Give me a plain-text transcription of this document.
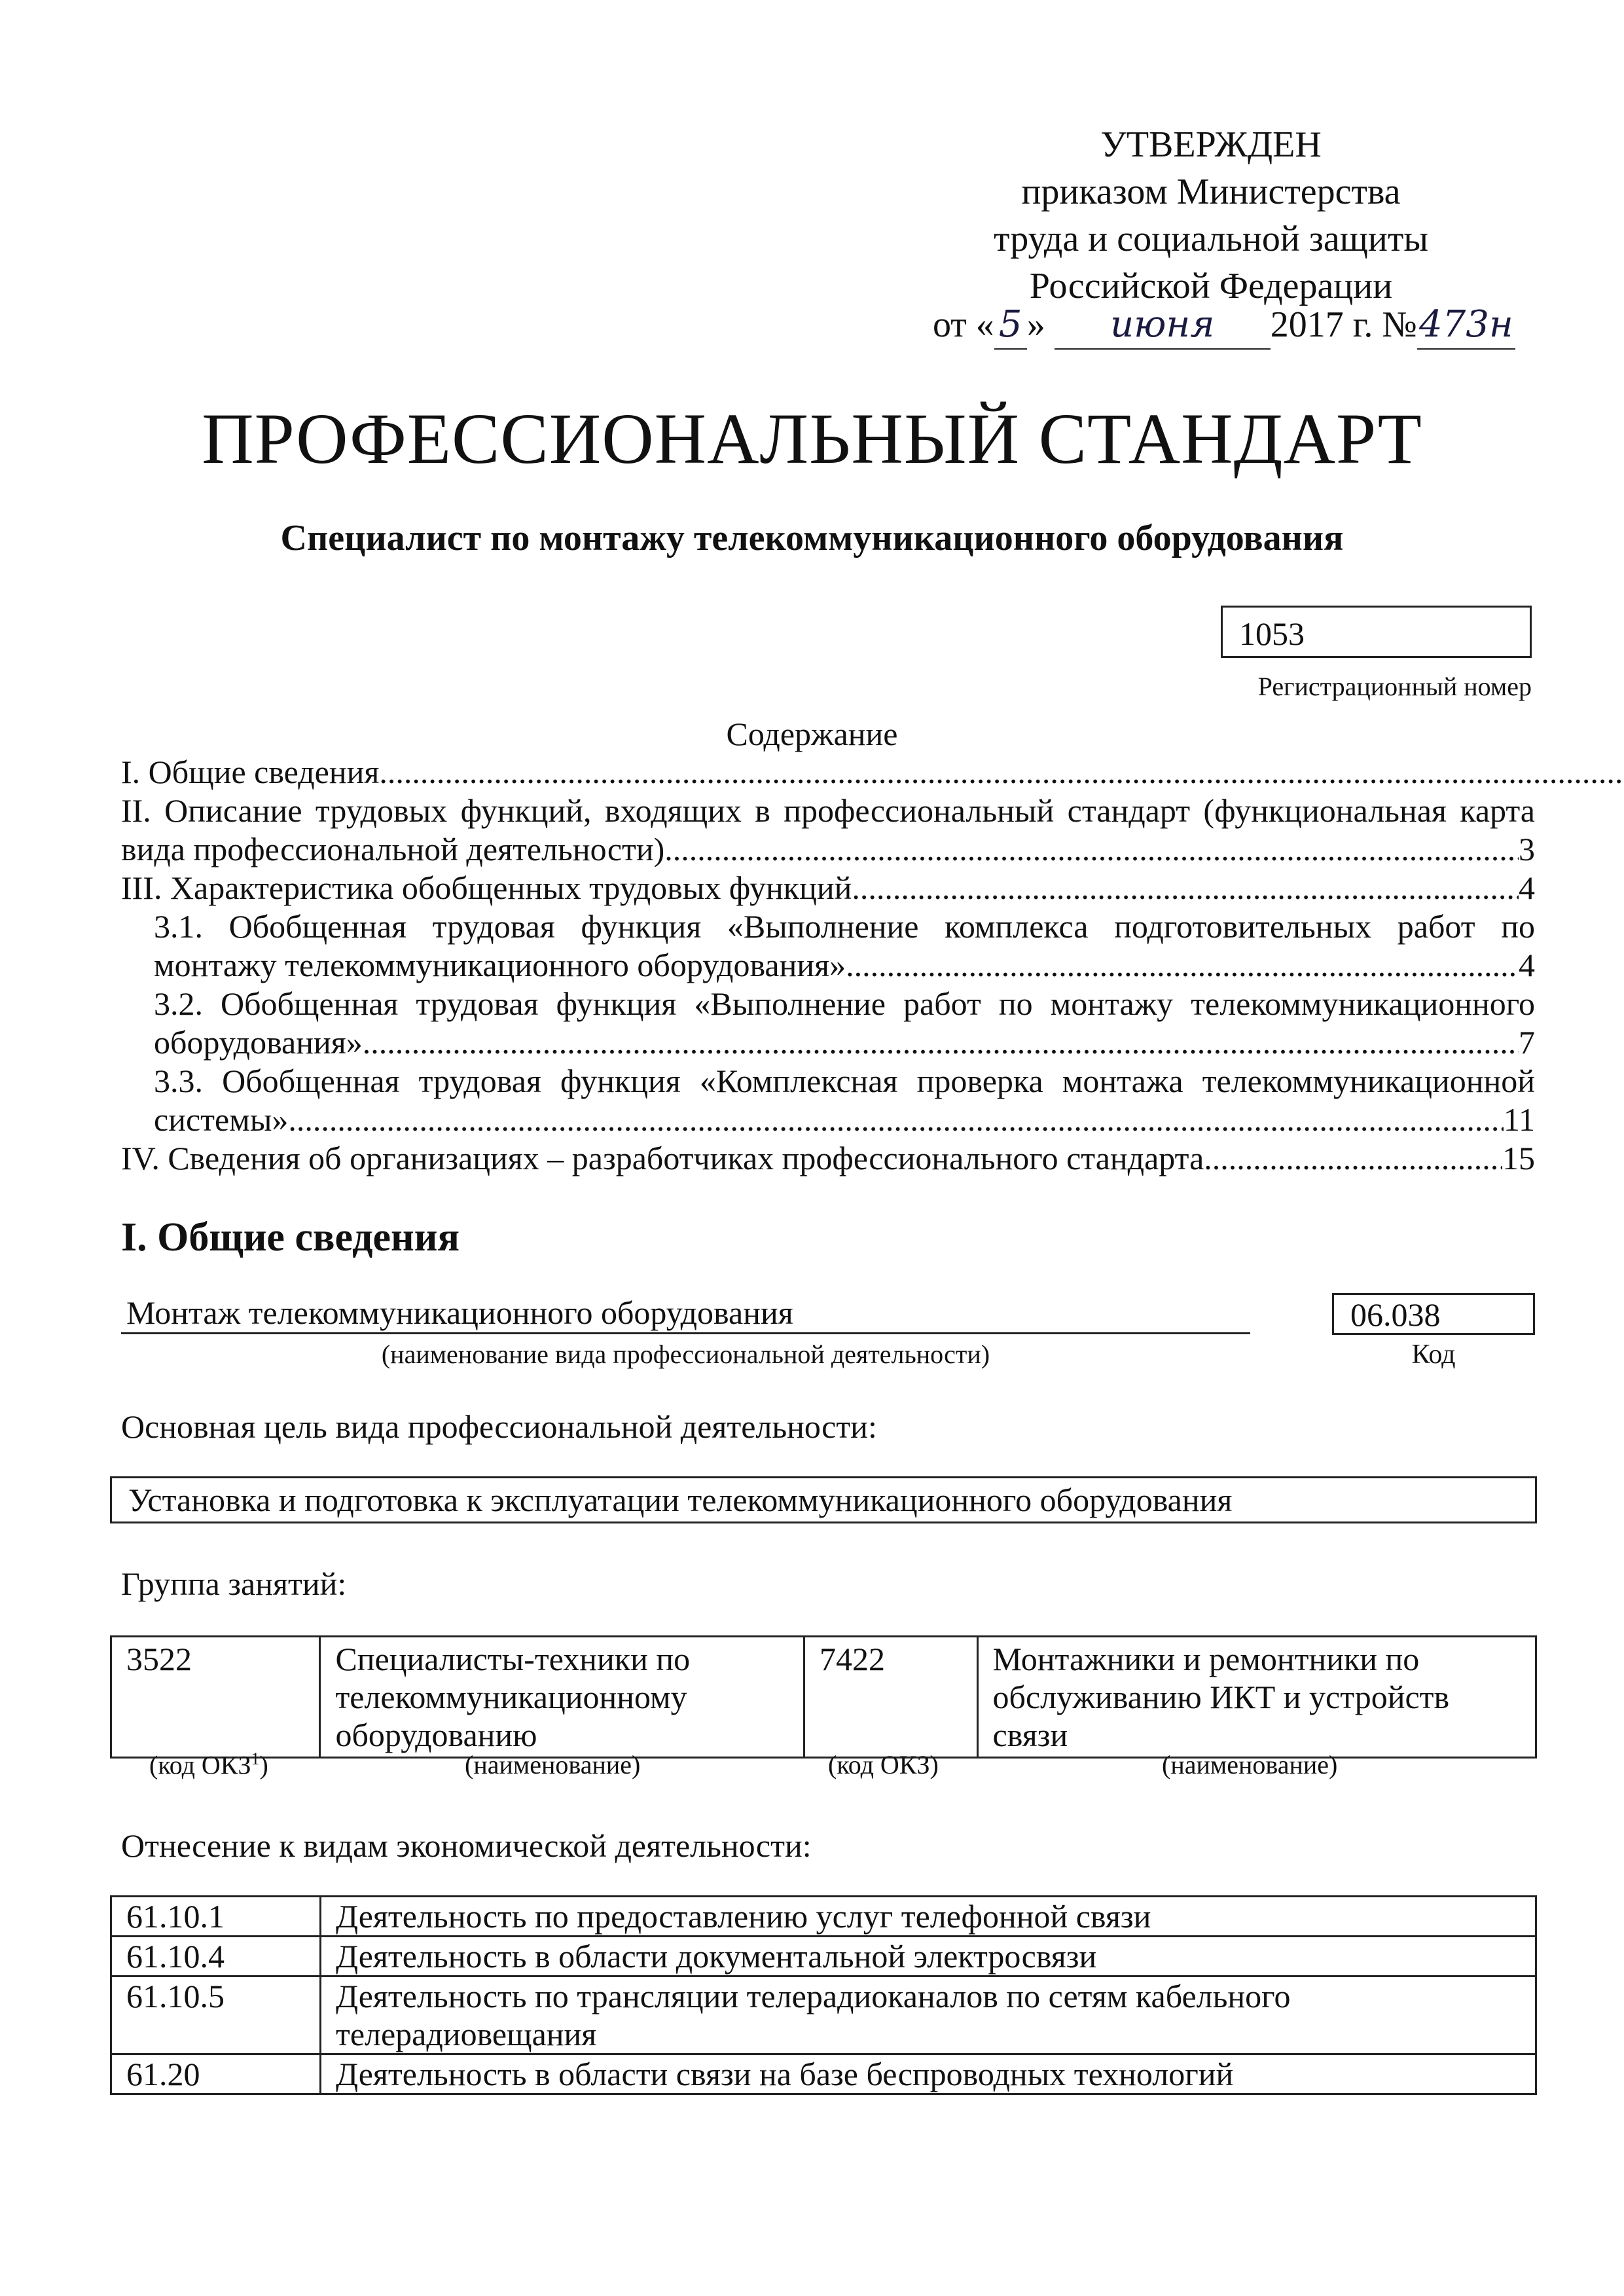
УТВЕРЖДЕН
приказом Министерства
труда и социальной защиты
Российской Федерации
от « 5 » июня 2017 г. №473н
ПРОФЕССИОНАЛЬНЫЙ СТАНДАРТ
Специалист по монтажу телекоммуникационного оборудования
1053
Регистрационный номер
Содержание
I. Общие сведения
.....
II. Описание трудовых функций, входящих в профессиональный стандарт (функциональная карта
вида профессиональной деятельности) .....	3
III. Характеристика обобщенных трудовых функций .....	4
3.1. Обобщенная трудовая функция «Выполнение комплекса подготовительных работ по
монтажу телекоммуникационного оборудования» .....	4
3.2. Обобщенная трудовая функция «Выполнение работ по монтажу телекоммуникационного
оборудования» .....	7
3.3. Обобщенная трудовая функция «Комплексная проверка монтажа телекоммуникационной
системы» .....	11
IV. Сведения об организациях – разработчиках профессионального стандарта .....	15
I. Общие сведения
Монтаж телекоммуникационного оборудования
(наименование вида профессиональной деятельности)
06.038
Код
Основная цель вида профессиональной деятельности:
Установка и подготовка к эксплуатации телекоммуникационного оборудования
Группа занятий:
3522	Специалисты-техники по телекоммуникационному оборудованию	7422	Монтажники и ремонтники по обслуживанию ИКТ и устройств связи
(код ОКЗ$^1$)	(наименование)	(код ОКЗ)	(наименование)
Отнесение к видам экономической деятельности:
61.10.1	Деятельность по предоставлению услуг телефонной связи
61.10.4	Деятельность в области документальной электросвязи
61.10.5	Деятельность по трансляции телерадиоканалов по сетям кабельного телерадиовещания
61.20	Деятельность в области связи на базе беспроводных технологий
